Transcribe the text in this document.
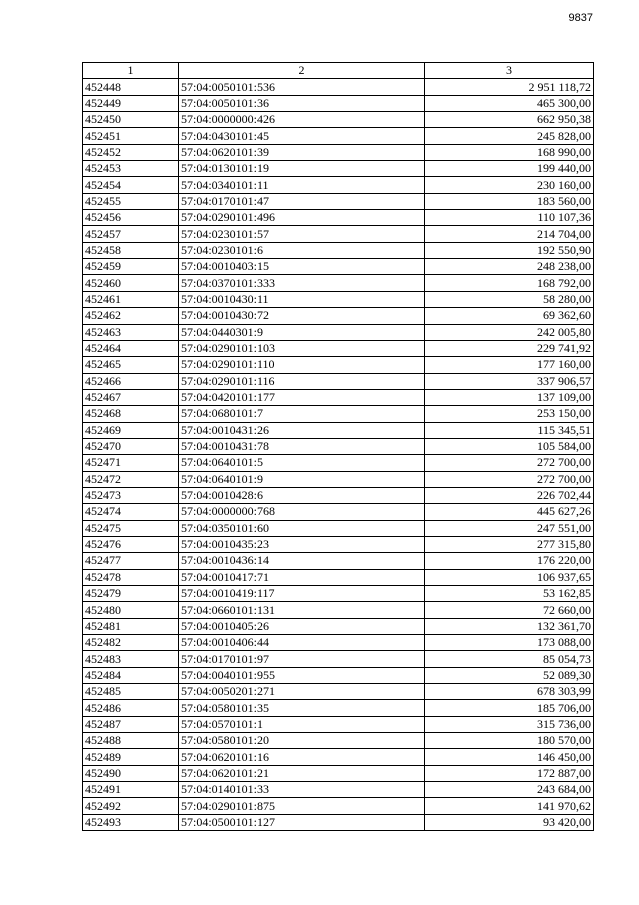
9837
1	2	3
452448	57:04:0050101:536	2 951 118,72
452449	57:04:0050101:36	465 300,00
452450	57:04:0000000:426	662 950,38
452451	57:04:0430101:45	245 828,00
452452	57:04:0620101:39	168 990,00
452453	57:04:0130101:19	199 440,00
452454	57:04:0340101:11	230 160,00
452455	57:04:0170101:47	183 560,00
452456	57:04:0290101:496	110 107,36
452457	57:04:0230101:57	214 704,00
452458	57:04:0230101:6	192 550,90
452459	57:04:0010403:15	248 238,00
452460	57:04:0370101:333	168 792,00
452461	57:04:0010430:11	58 280,00
452462	57:04:0010430:72	69 362,60
452463	57:04:0440301:9	242 005,80
452464	57:04:0290101:103	229 741,92
452465	57:04:0290101:110	177 160,00
452466	57:04:0290101:116	337 906,57
452467	57:04:0420101:177	137 109,00
452468	57:04:0680101:7	253 150,00
452469	57:04:0010431:26	115 345,51
452470	57:04:0010431:78	105 584,00
452471	57:04:0640101:5	272 700,00
452472	57:04:0640101:9	272 700,00
452473	57:04:0010428:6	226 702,44
452474	57:04:0000000:768	445 627,26
452475	57:04:0350101:60	247 551,00
452476	57:04:0010435:23	277 315,80
452477	57:04:0010436:14	176 220,00
452478	57:04:0010417:71	106 937,65
452479	57:04:0010419:117	53 162,85
452480	57:04:0660101:131	72 660,00
452481	57:04:0010405:26	132 361,70
452482	57:04:0010406:44	173 088,00
452483	57:04:0170101:97	85 054,73
452484	57:04:0040101:955	52 089,30
452485	57:04:0050201:271	678 303,99
452486	57:04:0580101:35	185 706,00
452487	57:04:0570101:1	315 736,00
452488	57:04:0580101:20	180 570,00
452489	57:04:0620101:16	146 450,00
452490	57:04:0620101:21	172 887,00
452491	57:04:0140101:33	243 684,00
452492	57:04:0290101:875	141 970,62
452493	57:04:0500101:127	93 420,00
